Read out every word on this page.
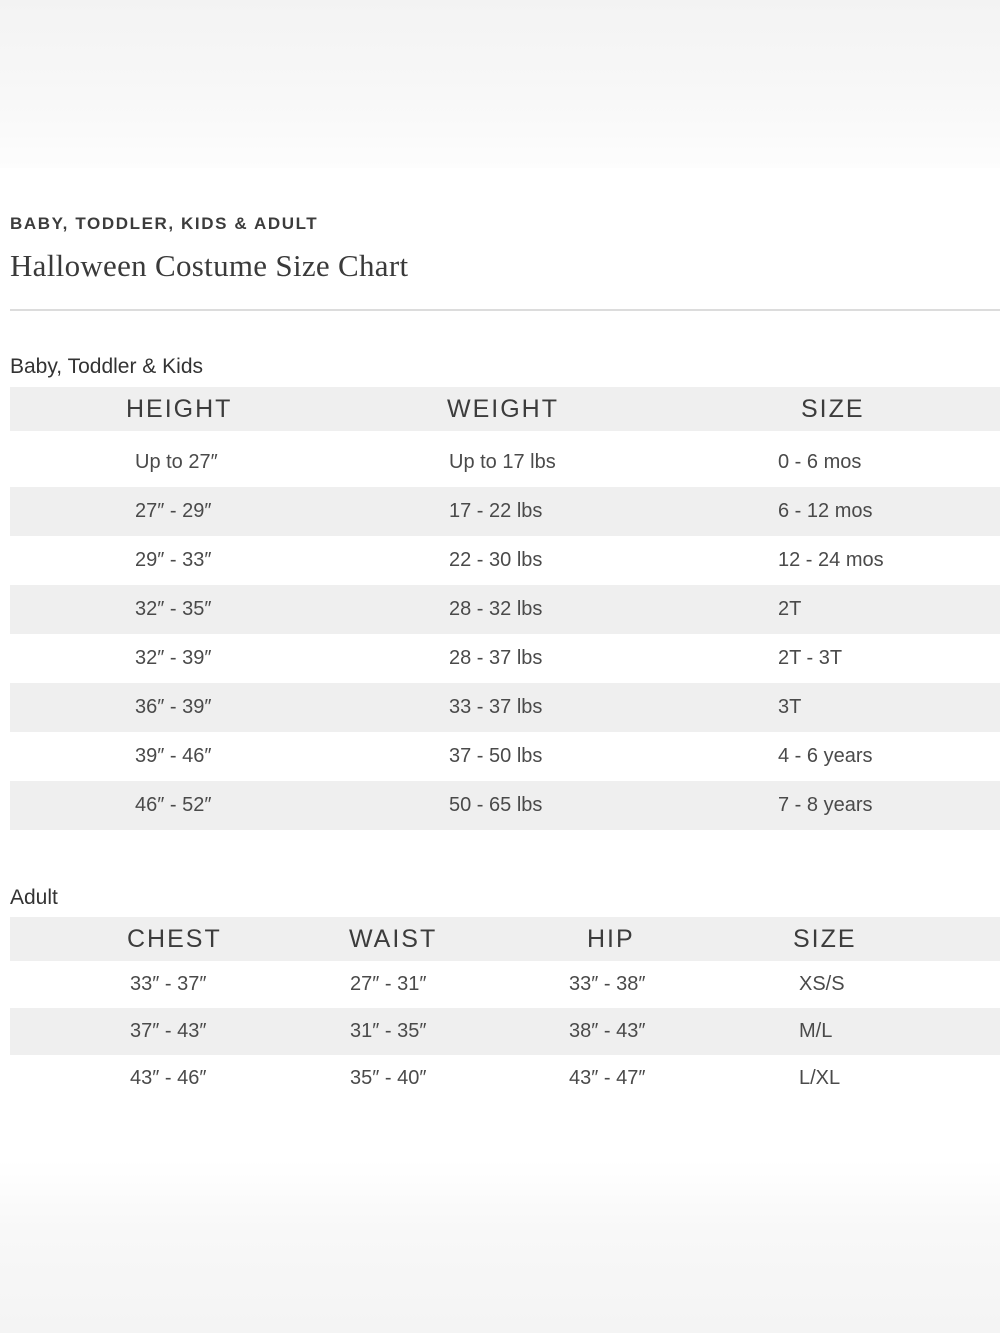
BABY, TODDLER, KIDS & ADULT
Halloween Costume Size Chart
Baby, Toddler & Kids
HEIGHT	WEIGHT	SIZE
Up to 27″	Up to 17 lbs	0 - 6 mos
27″ - 29″	17 - 22 lbs	6 - 12 mos
29″ - 33″	22 - 30 lbs	12 - 24 mos
32″ - 35″	28 - 32 lbs	2T
32″ - 39″	28 - 37 lbs	2T - 3T
36″ - 39″	33 - 37 lbs	3T
39″ - 46″	37 - 50 lbs	4 - 6 years
46″ - 52″	50 - 65 lbs	7 - 8 years
Adult
CHEST	WAIST	HIP	SIZE
33″ - 37″	27″ - 31″	33″ - 38″	XS/S
37″ - 43″	31″ - 35″	38″ - 43″	M/L
43″ - 46″	35″ - 40″	43″ - 47″	L/XL
